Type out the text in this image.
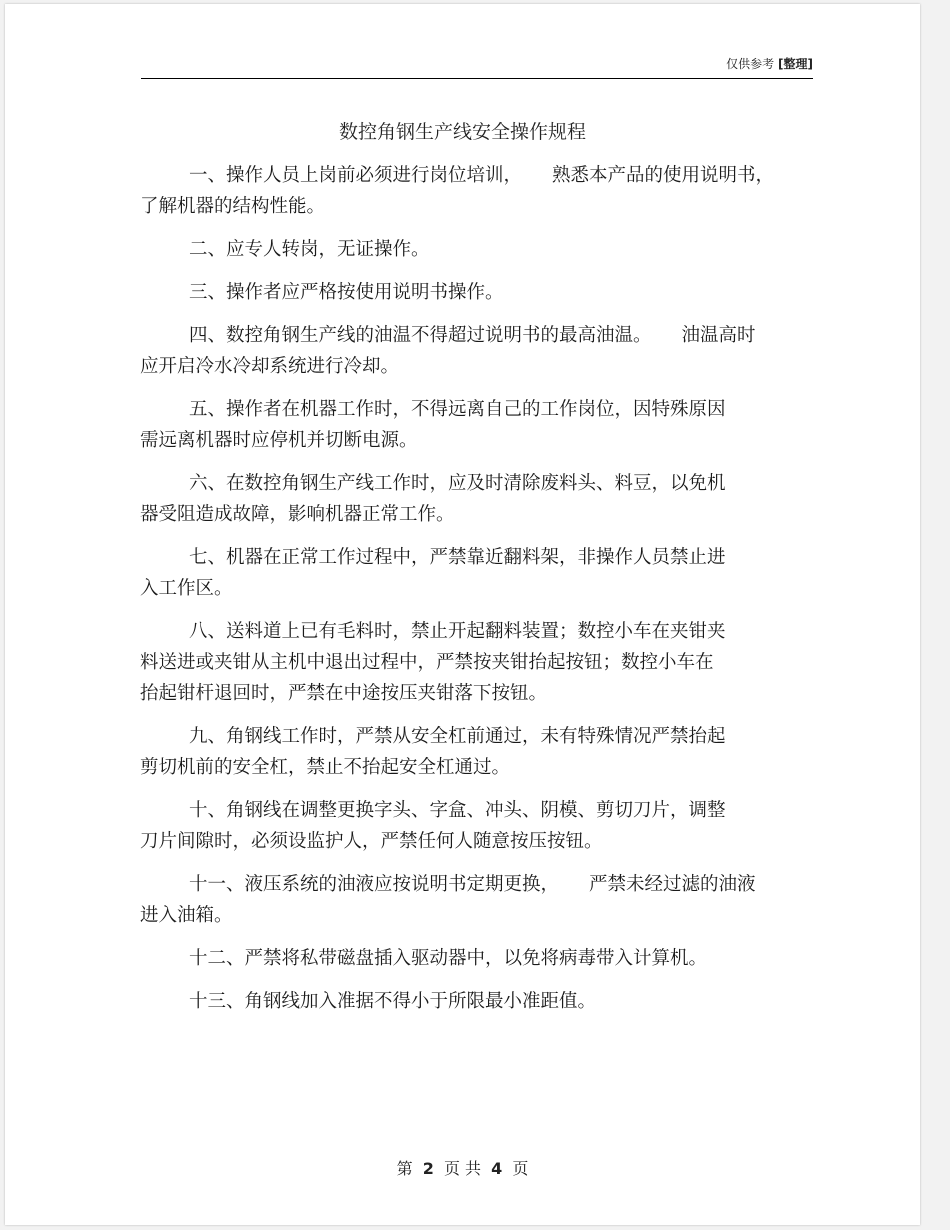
仅供参考 [整理]
数控角钢生产线安全操作规程
一、操作人员上岗前必须进行岗位培训， 熟悉本产品的使用说明书，
了解机器的结构性能。
二、应专人转岗，无证操作。
三、操作者应严格按使用说明书操作。
四、数控角钢生产线的油温不得超过说明书的最高油温。 油温高时
应开启冷水冷却系统进行冷却。
五、操作者在机器工作时，不得远离自己的工作岗位，因特殊原因
需远离机器时应停机并切断电源。
六、在数控角钢生产线工作时，应及时清除废料头、料豆，以免机
器受阻造成故障，影响机器正常工作。
七、机器在正常工作过程中，严禁靠近翻料架，非操作人员禁止进
入工作区。
八、送料道上已有毛料时，禁止开起翻料装置；数控小车在夹钳夹
料送进或夹钳从主机中退出过程中，严禁按夹钳抬起按钮；数控小车在
抬起钳杆退回时，严禁在中途按压夹钳落下按钮。
九、角钢线工作时，严禁从安全杠前通过，未有特殊情况严禁抬起
剪切机前的安全杠，禁止不抬起安全杠通过。
十、角钢线在调整更换字头、字盒、冲头、阴模、剪切刀片，调整
刀片间隙时，必须设监护人，严禁任何人随意按压按钮。
十一、液压系统的油液应按说明书定期更换， 严禁未经过滤的油液
进入油箱。
十二、严禁将私带磁盘插入驱动器中，以免将病毒带入计算机。
十三、角钢线加入准据不得小于所限最小准距值。
第 2 页 共 4 页
